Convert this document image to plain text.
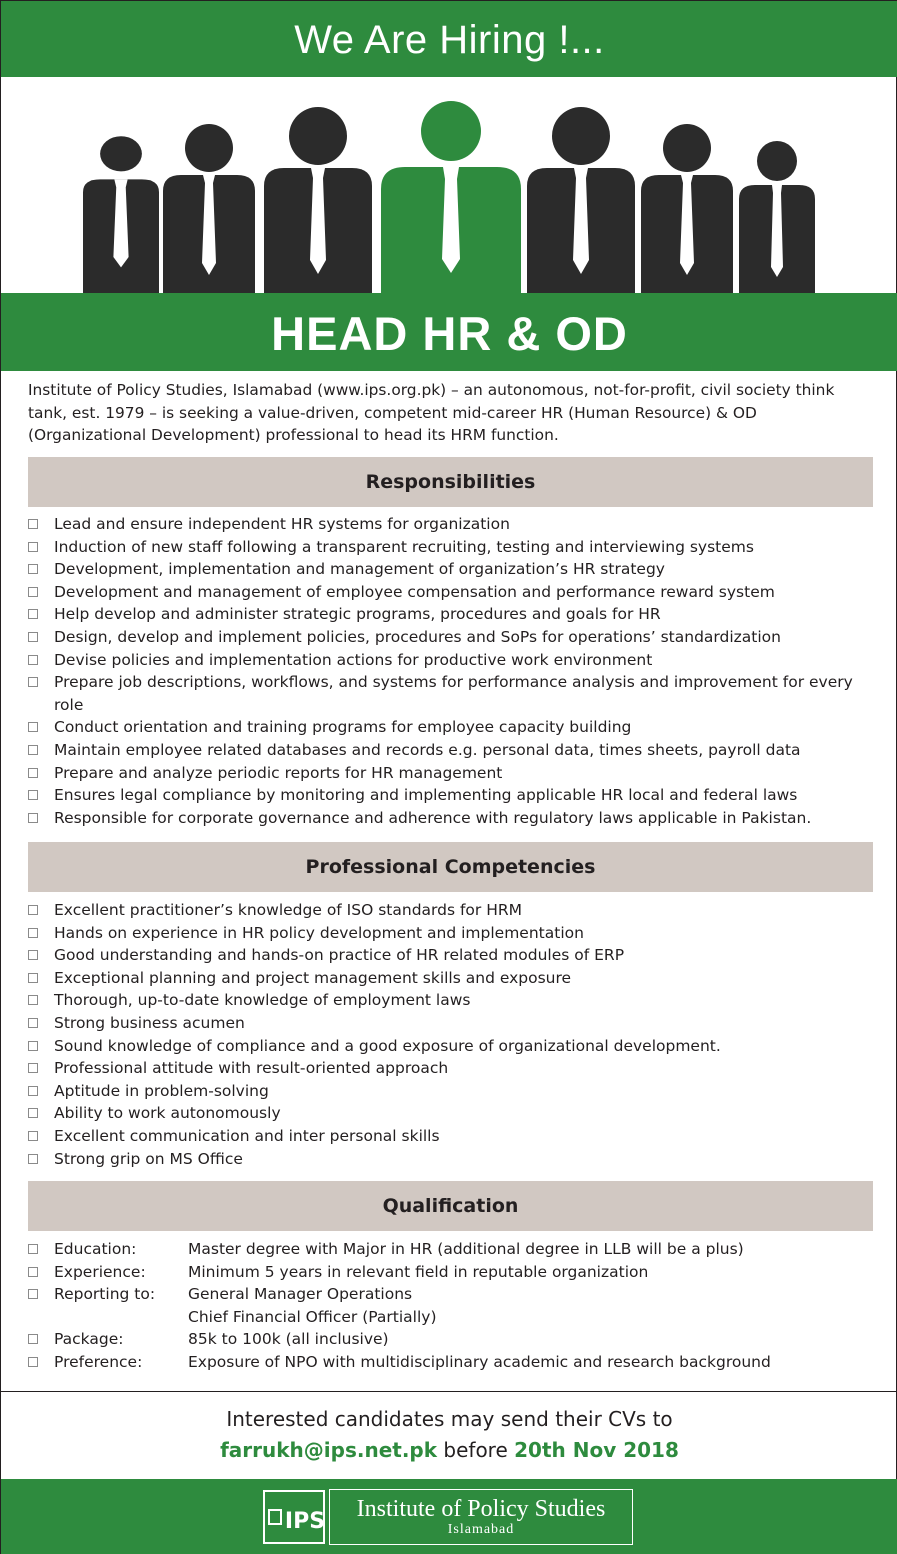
We Are Hiring !...
HEAD HR & OD

Institute of Policy Studies, Islamabad (www.ips.org.pk) – an autonomous, not-for-profit, civil society think tank, est. 1979 – is seeking a value-driven, competent mid-career HR (Human Resource) & OD (Organizational Development) professional to head its HRM function.

Responsibilities
Lead and ensure independent HR systems for organization
Induction of new staff following a transparent recruiting, testing and interviewing systems
Development, implementation and management of organization’s HR strategy
Development and management of employee compensation and performance reward system
Help develop and administer strategic programs, procedures and goals for HR
Design, develop and implement policies, procedures and SoPs for operations’ standardization
Devise policies and implementation actions for productive work environment
Prepare job descriptions, workflows, and systems for performance analysis and improvement for every role
Conduct orientation and training programs for employee capacity building
Maintain employee related databases and records e.g. personal data, times sheets, payroll data
Prepare and analyze periodic reports for HR management
Ensures legal compliance by monitoring and implementing applicable HR local and federal laws
Responsible for corporate governance and adherence with regulatory laws applicable in Pakistan.
Professional Competencies
Excellent practitioner’s knowledge of ISO standards for HRM
Hands on experience in HR policy development and implementation
Good understanding and hands-on practice of HR related modules of ERP
Exceptional planning and project management skills and exposure
Thorough, up-to-date knowledge of employment laws
Strong business acumen
Sound knowledge of compliance and a good exposure of organizational development.
Professional attitude with result-oriented approach
Aptitude in problem-solving
Ability to work autonomously
Excellent communication and inter personal skills
Strong grip on MS Office
Qualification
Education:	Master degree with Major in HR (additional degree in LLB will be a plus)
Experience:	Minimum 5 years in relevant field in reputable organization
Reporting to:	General Manager Operations
Chief Financial Officer (Partially)
Package:	85k to 100k (all inclusive)
Preference:	Exposure of NPO with multidisciplinary academic and research background
Interested candidates may send their CVs to
farrukh@ips.net.pk before 20th Nov 2018
IPS	Institute of Policy Studies
Islamabad
